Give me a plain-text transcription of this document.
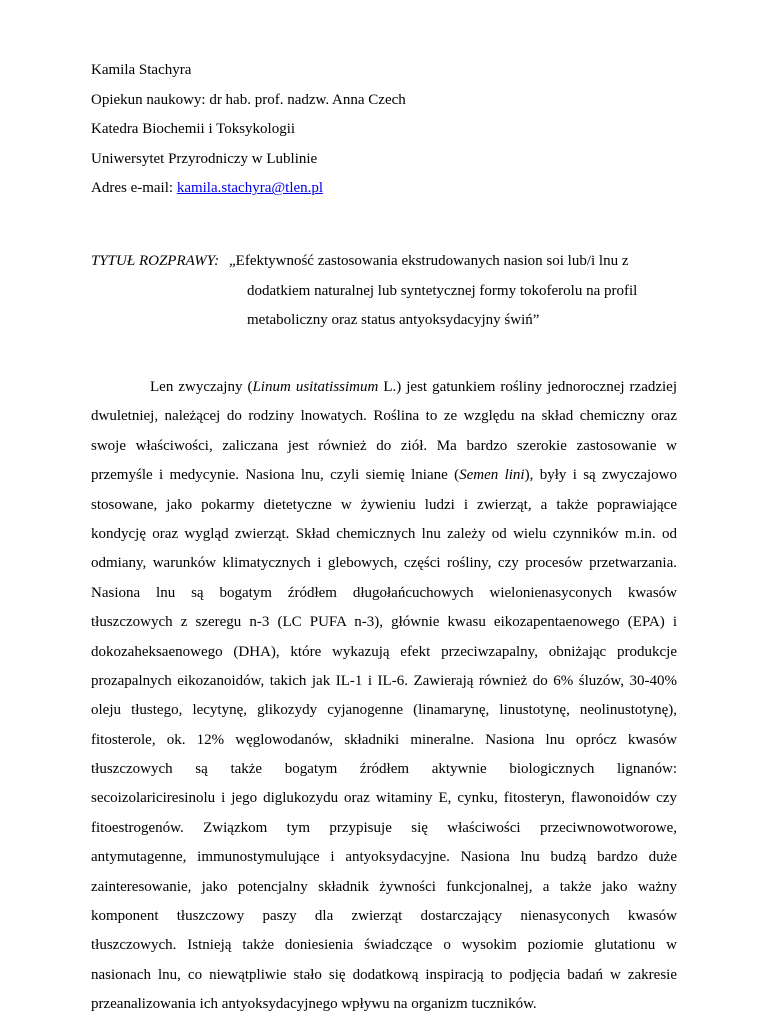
Kamila Stachyra
Opiekun naukowy: dr hab. prof. nadzw. Anna Czech
Katedra Biochemii i Toksykologii
Uniwersytet Przyrodniczy w Lublinie
Adres e-mail: kamila.stachyra@tlen.pl
TYTUŁ ROZPRAWY: „Efektywność zastosowania ekstrudowanych nasion soi lub/i lnu z
dodatkiem naturalnej lub syntetycznej formy tokoferolu na profil
metaboliczny oraz status antyoksydacyjny świń”
Len zwyczajny (Linum usitatissimum L.) jest gatunkiem rośliny jednorocznej rzadziej
dwuletniej, należącej do rodziny lnowatych. Roślina to ze względu na skład chemiczny oraz
swoje właściwości, zaliczana jest również do ziół. Ma bardzo szerokie zastosowanie w
przemyśle i medycynie. Nasiona lnu, czyli siemię lniane (Semen lini), były i są zwyczajowo
stosowane, jako pokarmy dietetyczne w żywieniu ludzi i zwierząt, a także poprawiające
kondycję oraz wygląd zwierząt. Skład chemicznych lnu zależy od wielu czynników m.in. od
odmiany, warunków klimatycznych i glebowych, części rośliny, czy procesów przetwarzania.
Nasiona lnu są bogatym źródłem długołańcuchowych wielonienasyconych kwasów
tłuszczowych z szeregu n-3 (LC PUFA n-3), głównie kwasu eikozapentaenowego (EPA) i
dokozaheksaenowego (DHA), które wykazują efekt przeciwzapalny, obniżając produkcje
prozapalnych eikozanoidów, takich jak IL-1 i IL-6. Zawierają również do 6% śluzów, 30-40%
oleju tłustego, lecytynę, glikozydy cyjanogenne (linamarynę, linustotynę, neolinustotynę),
fitosterole, ok. 12% węglowodanów, składniki mineralne. Nasiona lnu oprócz kwasów
tłuszczowych są także bogatym źródłem aktywnie biologicznych lignanów:
secoizolariciresinolu i jego diglukozydu oraz witaminy E, cynku, fitosteryn, flawonoidów czy
fitoestrogenów. Związkom tym przypisuje się właściwości przeciwnowotworowe,
antymutagenne, immunostymulujące i antyoksydacyjne. Nasiona lnu budzą bardzo duże
zainteresowanie, jako potencjalny składnik żywności funkcjonalnej, a także jako ważny
komponent tłuszczowy paszy dla zwierząt dostarczający nienasyconych kwasów
tłuszczowych. Istnieją także doniesienia świadczące o wysokim poziomie glutationu w
nasionach lnu, co niewątpliwie stało się dodatkową inspiracją to podjęcia badań w zakresie
przeanalizowania ich antyoksydacyjnego wpływu na organizm tuczników.
